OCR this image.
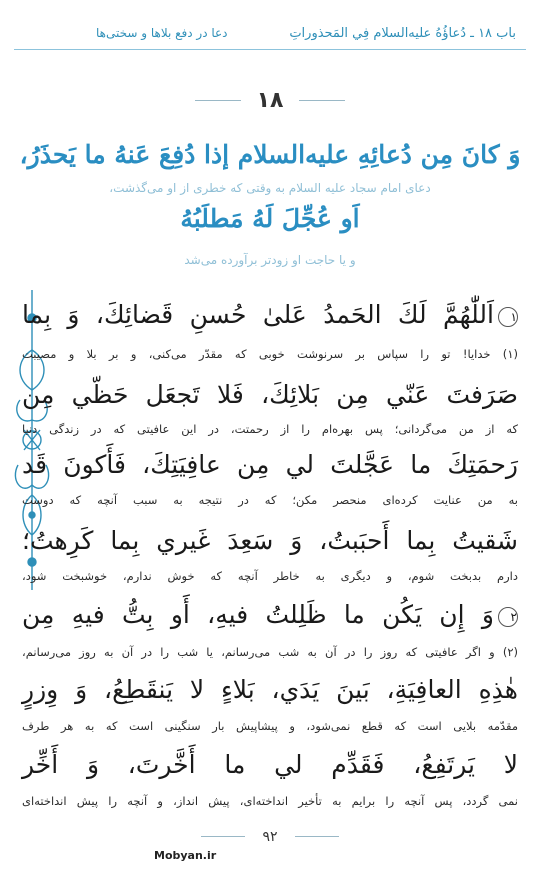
باب ۱۸ ـ دُعاؤُهُ عليه‌السلام فِي المَحذوراتِ
دعا در دفع بلاها و سختی‌ها
۱۸
وَ كانَ مِن دُعائِهِ عليه‌السلام إذا دُفِعَ عَنهُ ما يَحذَرُ،
دعای امام سجاد علیه السلام به وقتی که خطری از او می‌گذشت،
اَو عُجِّلَ لَهُ مَطلَبُهُ
و یا حاجت او زودتر برآورده می‌شد
۱اَللّٰهُمَّ لَكَ الحَمدُ عَلىٰ حُسنِ قَضائِكَ، وَ بِما
(۱) خدایا! تو را سپاس بر سرنوشت خوبی که مقدّر می‌کنی، و بر بلا و مصیبت
صَرَفتَ عَنّي مِن بَلائِكَ، فَلا تَجعَل حَظّي مِن
که از من می‌گردانی؛ پس بهره‌ام را از رحمتت، در این عافیتی که در زندگی دنیا
رَحمَتِكَ ما عَجَّلتَ لي مِن عافِيَتِكَ، فَأَكونَ قَد
به من عنایت کرده‌ای منحصر مکن؛ که در نتیجه به سبب آنچه که دوست
شَقيتُ بِما أَحبَبتُ، وَ سَعِدَ غَيري بِما كَرِهتُ؛
دارم بدبخت شوم، و دیگری به خاطر آنچه که خوش ندارم، خوشبخت شود،
۲وَ إِن يَكُن ما ظَلِلتُ فيهِ، أَو بِتُّ فيهِ مِن
(۲) و اگر عافیتی که روز را در آن به شب می‌رسانم، یا شب را در آن به روز می‌رسانم،
هٰذِهِ العافِيَةِ، بَينَ يَدَي، بَلاءٍ لا يَنقَطِعُ، وَ وِزرٍ
مقدّمه بلایی است که قطع نمی‌شود، و پیشاپیش بار سنگینی است که به هر طرف
لا يَرتَفِعُ، فَقَدِّم لي ما أَخَّرتَ، وَ أَخِّر
نمی گردد، پس آنچه را برایم به تأخیر انداخته‌ای، پیش انداز، و آنچه را پیش انداخته‌ای
۹۲
Mobyan.ir
